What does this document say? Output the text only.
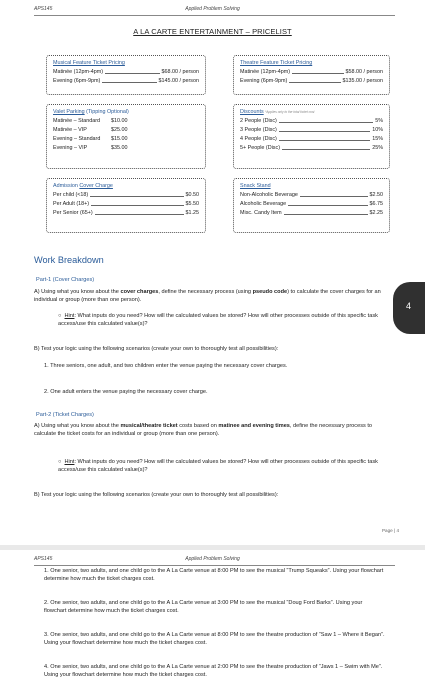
APS145	Applied Problem Solving
A LA CARTE ENTERTAINMENT – PRICELIST
Musical Feature Ticket Pricing
Matinée (12pm-4pm)	$68.00 / person
Evening (6pm-9pm)	$145.00 / person
Theatre Feature Ticket Pricing
Matinée (12pm-4pm)	$58.00 / person
Evening (6pm-9pm)	$135.00 / person
Valet Parking (Tipping Optional)
Matinée – Standard	$10.00
Matinée – VIP	$25.00
Evening – Standard	$15.00
Evening – VIP	$35.00
Discounts *Applies only to the total ticket cost
2 People (Disc)	5%
3 People (Disc)	10%
4 People (Disc)	15%
5+ People (Disc)	25%
Admission Cover Charge
Per child (<18)	$0.50
Per Adult (18+)	$5.50
Per Senior (65+)	$1.25
Snack Stand
Non-Alcoholic Beverage	$2.50
Alcoholic Beverage	$6.75
Misc. Candy Item	$2.25
Work Breakdown
Part-1 (Cover Charges)
A) Using what you know about the cover charges, define the necessary process (using pseudo code) to calculate the cover charges for an individual or group (more than one person).
○  Hint: What inputs do you need? How will the calculated values be stored? How will other processes outside of this specific task access/use this calculated value(s)?
B) Test your logic using the following scenarios (create your own to thoroughly test all possibilities):
1. Three seniors, one adult, and two children enter the venue paying the necessary cover charges.
2. One adult enters the venue paying the necessary cover charge.
Part-2 (Ticket Charges)
A) Using what you know about the musical/theatre ticket costs based on matinee and evening times, define the necessary process to calculate the ticket costs for an individual or group (more than one person).
○  Hint: What inputs do you need? How will the calculated values be stored? How will other processes outside of this specific task access/use this calculated value(s)?
B) Test your logic using the following scenarios (create your own to thoroughly test all possibilities):
Page | 4
4
APS145	Applied Problem Solving
1. One senior, two adults, and one child go to the A La Carte venue at 8:00 PM to see the musical “Trump Squeaks”. Using your flowchart determine how much the ticket charges cost.
2. One senior, two adults, and one child go to the A La Carte venue at 3:00 PM to see the musical “Doug Ford Barks”. Using your flowchart determine how much the ticket charges cost.
3. One senior, two adults, and one child go to the A La Carte venue at 8:00 PM to see the theatre production of “Saw 1 – Where it Began”. Using your flowchart determine how much the ticket charges cost.
4. One senior, two adults, and one child go to the A La Carte venue at 2:00 PM to see the theatre production of “Jaws 1 – Swim with Me”. Using your flowchart determine how much the ticket charges cost.
